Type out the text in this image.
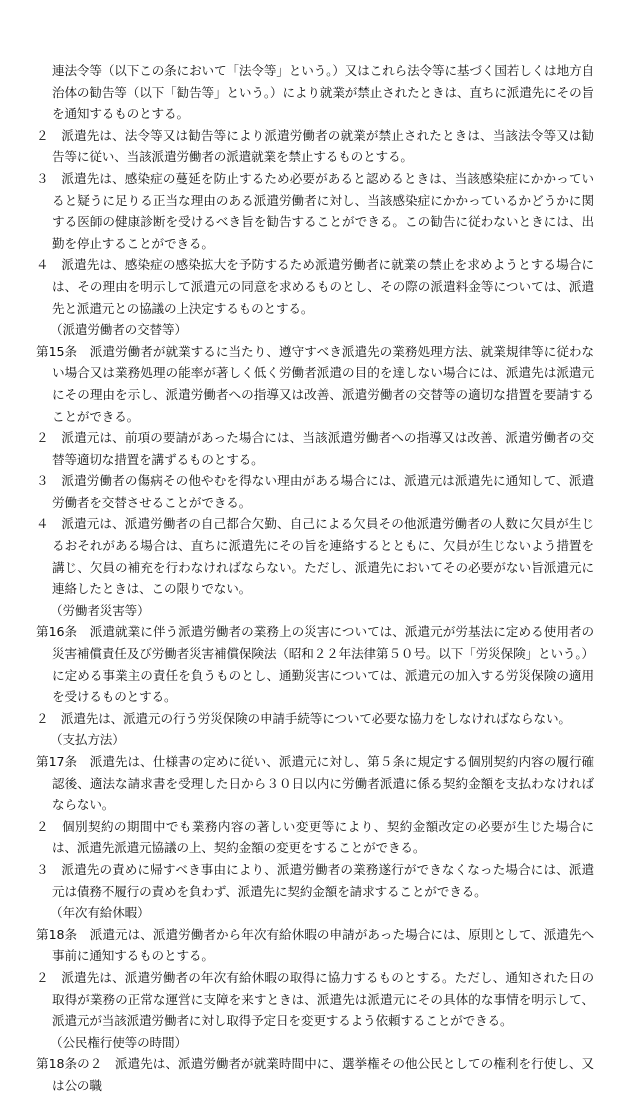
連法令等（以下この条において「法令等」という。）又はこれら法令等に基づく国若しくは地方自治体の勧告等（以下「勧告等」という。）により就業が禁止されたときは、直ちに派遣先にその旨を通知するものとする。

２　派遣先は、法令等又は勧告等により派遣労働者の就業が禁止されたときは、当該法令等又は勧告等に従い、当該派遣労働者の派遣就業を禁止するものとする。

３　派遣先は、感染症の蔓延を防止するため必要があると認めるときは、当該感染症にかかっていると疑うに足りる正当な理由のある派遣労働者に対し、当該感染症にかかっているかどうかに関する医師の健康診断を受けるべき旨を勧告することができる。この勧告に従わないときには、出勤を停止することができる。

４　派遣先は、感染症の感染拡大を予防するため派遣労働者に就業の禁止を求めようとする場合には、その理由を明示して派遣元の同意を求めるものとし、その際の派遣料金等については、派遣先と派遣元との協議の上決定するものとする。

（派遣労働者の交替等）

第15条　派遣労働者が就業するに当たり、遵守すべき派遣先の業務処理方法、就業規律等に従わない場合又は業務処理の能率が著しく低く労働者派遣の目的を達しない場合には、派遣先は派遣元にその理由を示し、派遣労働者への指導又は改善、派遣労働者の交替等の適切な措置を要請することができる。

２　派遣元は、前項の要請があった場合には、当該派遣労働者への指導又は改善、派遣労働者の交替等適切な措置を講ずるものとする。

３　派遣労働者の傷病その他やむを得ない理由がある場合には、派遣元は派遣先に通知して、派遣労働者を交替させることができる。

４　派遣元は、派遣労働者の自己都合欠勤、自己による欠員その他派遣労働者の人数に欠員が生じるおそれがある場合は、直ちに派遣先にその旨を連絡するとともに、欠員が生じないよう措置を講じ、欠員の補充を行わなければならない。ただし、派遣先においてその必要がない旨派遣元に連絡したときは、この限りでない。

（労働者災害等）

第16条　派遣就業に伴う派遣労働者の業務上の災害については、派遣元が労基法に定める使用者の災害補償責任及び労働者災害補償保険法（昭和２２年法律第５０号。以下「労災保険」という。）に定める事業主の責任を負うものとし、通勤災害については、派遣元の加入する労災保険の適用を受けるものとする。

２　派遣先は、派遣元の行う労災保険の申請手続等について必要な協力をしなければならない。

（支払方法）

第17条　派遣先は、仕様書の定めに従い、派遣元に対し、第５条に規定する個別契約内容の履行確認後、適法な請求書を受理した日から３０日以内に労働者派遣に係る契約金額を支払わなければならない。

２　個別契約の期間中でも業務内容の著しい変更等により、契約金額改定の必要が生じた場合には、派遣先派遣元協議の上、契約金額の変更をすることができる。

３　派遣先の責めに帰すべき事由により、派遣労働者の業務遂行ができなくなった場合には、派遣元は債務不履行の責めを負わず、派遣先に契約金額を請求することができる。

（年次有給休暇）

第18条　派遣元は、派遣労働者から年次有給休暇の申請があった場合には、原則として、派遣先へ事前に通知するものとする。

２　派遣先は、派遣労働者の年次有給休暇の取得に協力するものとする。ただし、通知された日の取得が業務の正常な運営に支障を来すときは、派遣先は派遣元にその具体的な事情を明示して、派遣元が当該派遣労働者に対し取得予定日を変更するよう依頼することができる。

（公民権行使等の時間）

第18条の２　派遣先は、派遣労働者が就業時間中に、選挙権その他公民としての権利を行使し、又は公の職
